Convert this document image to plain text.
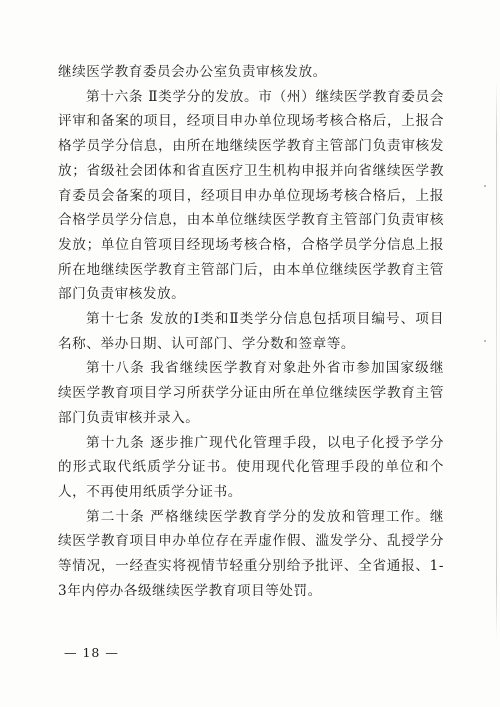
继续医学教育委员会办公室负责审核发放。

第十六条 Ⅱ类学分的发放。市（州）继续医学教育委员会评审和备案的项目，经项目申办单位现场考核合格后，上报合格学员学分信息，由所在地继续医学教育主管部门负责审核发放；省级社会团体和省直医疗卫生机构申报并向省继续医学教育委员会备案的项目，经项目申办单位现场考核合格后，上报合格学员学分信息，由本单位继续医学教育主管部门负责审核发放；单位自管项目经现场考核合格，合格学员学分信息上报所在地继续医学教育主管部门后，由本单位继续医学教育主管部门负责审核发放。

第十七条 发放的Ⅰ类和Ⅱ类学分信息包括项目编号、项目名称、举办日期、认可部门、学分数和签章等。

第十八条 我省继续医学教育对象赴外省市参加国家级继续医学教育项目学习所获学分证由所在单位继续医学教育主管部门负责审核并录入。

第十九条 逐步推广现代化管理手段，以电子化授予学分的形式取代纸质学分证书。使用现代化管理手段的单位和个人，不再使用纸质学分证书。

第二十条 严格继续医学教育学分的发放和管理工作。继续医学教育项目申办单位存在弄虚作假、滥发学分、乱授学分等情况，一经查实将视情节轻重分别给予批评、全省通报、1-3年内停办各级继续医学教育项目等处罚。

— 18 —
